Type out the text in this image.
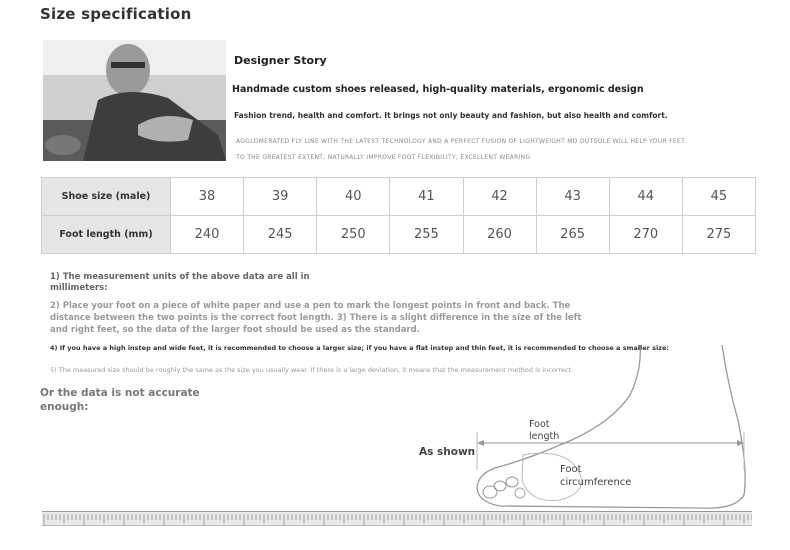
Size specification
Designer Story
Handmade custom shoes released, high-quality materials, ergonomic design
Fashion trend, health and comfort. It brings not only beauty and fashion, but also health and comfort.
AGGLOMERATED FLY LINE WITH THE LATEST TECHNOLOGY AND A PERFECT FUSION OF LIGHTWEIGHT MD OUTSOLE WILL HELP YOUR FEET
TO THE GREATEST EXTENT, NATURALLY IMPROVE FOOT FLEXIBILITY, EXCELLENT WEARING
Shoe size (male)	38	39	40	41	42	43	44	45
Foot length (mm)	240	245	250	255	260	265	270	275
1) The measurement units of the above data are all in millimeters:
2) Place your foot on a piece of white paper and use a pen to mark the longest points in front and back. The distance between the two points is the correct foot length. 3) There is a slight difference in the size of the left and right feet, so the data of the larger foot should be used as the standard.
4) If you have a high instep and wide feet, it is recommended to choose a larger size; if you have a flat instep and thin feet, it is recommended to choose a smaller size:
5) The measured size should be roughly the same as the size you usually wear. If there is a large deviation, it means that the measurement method is incorrect.
Or the data is not accurate enough:
As shown
Foot length
Foot circumference
